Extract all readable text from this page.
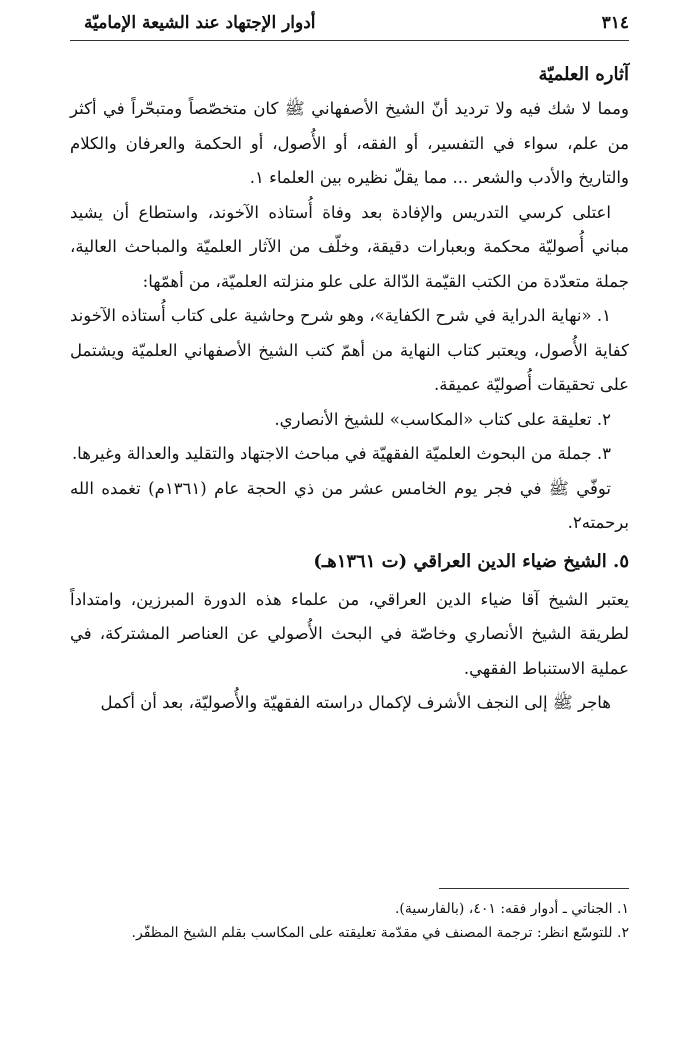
٣١٤
أدوار الإجتهاد عند الشيعة الإماميّة
آثاره العلميّة

ومما لا شك فيه ولا ترديد أنّ الشيخ الأصفهاني ﷺ كان متخصّصاً ومتبحّراً في أكثر من علم، سواء في التفسير، أو الفقه، أو الأُصول، أو الحكمة والعرفان والكلام والتاريخ والأدب والشعر ... مما يقلّ نظيره بين العلماء ١.

اعتلى كرسي التدريس والإفادة بعد وفاة أُستاذه الآخوند، واستطاع أن يشيد مباني أُصوليّة محكمة وبعبارات دقيقة، وخلّف من الآثار العلميّة والمباحث العالية، جملة متعدّدة من الكتب القيّمة الدّالة على علو منزلته العلميّة، من أهمّها:

١. «نهاية الدراية في شرح الكفاية»، وهو شرح وحاشية على كتاب أُستاذه الآخوند كفاية الأُصول، ويعتبر كتاب النهاية من أهمّ كتب الشيخ الأصفهاني العلميّة ويشتمل على تحقيقات أُصوليّة عميقة.

٢. تعليقة على كتاب «المكاسب» للشيخ الأنصاري.

٣. جملة من البحوث العلميّة الفقهيّة في مباحث الاجتهاد والتقليد والعدالة وغيرها.

توفّي ﷺ في فجر يوم الخامس عشر من ذي الحجة عام (١٣٦١م) تغمده الله برحمته٢.

٥. الشيخ ضياء الدين العراقي (ت ١٣٦١هـ)

يعتبر الشيخ آقا ضياء الدين العراقي، من علماء هذه الدورة المبرزين، وامتداداً لطريقة الشيخ الأنصاري وخاصّة في البحث الأُصولي عن العناصر المشتركة، في عملية الاستنباط الفقهي.

هاجر ﷺ إلى النجف الأشرف لإكمال دراسته الفقهيّة والأُصوليّة، بعد أن أكمل

١. الجناتي ـ أدوار فقه: ٤٠١، (بالفارسية).
٢. للتوسّع انظر: ترجمة المصنف في مقدّمة تعليقته على المكاسب بقلم الشيخ المظفّر.
